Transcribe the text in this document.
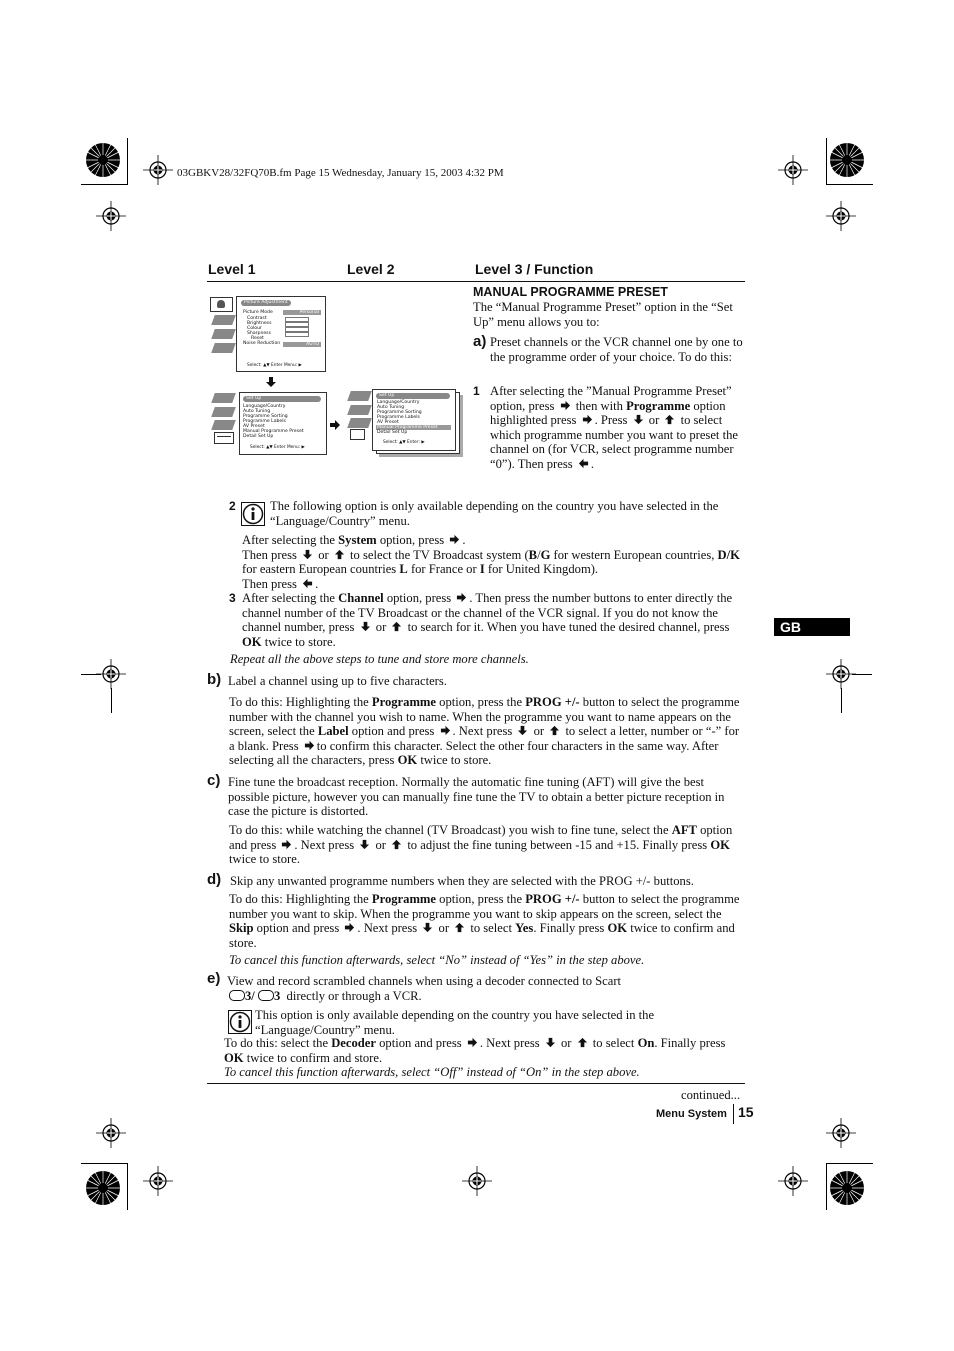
03GBKV28/32FQ70B.fm Page 15 Wednesday, January 15, 2003 4:32 PM
Level 1	Level 2	Level 3 / Function
Picture Adjustment
Picture Mode
Contrast
Brightness
Colour
Sharpness
Reset
Noise Reduction
Personal
AUTO
Select: ▲▼ Enter Menu: ▶
Set Up
Language/Country
Auto Tuning
Programme Sorting
Programme Labels
AV Preset
Manual Programme Preset
Detail Set Up
Select: ▲▼ Enter Menu: ▶
Set Up
Language/Country
Auto Tuning
Programme Sorting
Programme Labels
AV Preset
Manual Programme Preset
Detail Set Up
Select: ▲▼ Enter: ▶
MANUAL PROGRAMME PRESET
The “Manual Programme Preset” option in the “Set Up” menu allows you to:
a) Preset channels or the VCR channel one by one to the programme order of your choice. To do this:
1 After selecting the ”Manual Programme Preset” option, press then with Programme option highlighted press . Press or to select which programme number you want to preset the channel on (for VCR, select programme number “0”). Then press .
2	The following option is only available depending on the country you have selected in the “Language/Country” menu.
After selecting the System option, press .
Then press or to select the TV Broadcast system (B/G for western European countries, D/K for eastern European countries L for France or I for United Kingdom).
Then press .
3 After selecting the Channel option, press . Then press the number buttons to enter directly the channel number of the TV Broadcast or the channel of the VCR signal. If you do not know the channel number, press or to search for it. When you have tuned the desired channel, press OK twice to store.
Repeat all the above steps to tune and store more channels.
b) Label a channel using up to five characters.
To do this: Highlighting the Programme option, press the PROG +/- button to select the programme number with the channel you wish to name. When the programme you want to name appears on the screen, select the Label option and press . Next press or to select a letter, number or “-” for a blank. Press to confirm this character. Select the other four characters in the same way. After selecting all the characters, press OK twice to store.
c) Fine tune the broadcast reception. Normally the automatic fine tuning (AFT) will give the best possible picture, however you can manually fine tune the TV to obtain a better picture reception in case the picture is distorted.
To do this: while watching the channel (TV Broadcast) you wish to fine tune, select the AFT option and press . Next press or to adjust the fine tuning between -15 and +15. Finally press OK twice to store.
d) Skip any unwanted programme numbers when they are selected with the PROG +/- buttons.
To do this: Highlighting the Programme option, press the PROG +/- button to select the programme number you want to skip. When the programme you want to skip appears on the screen, select the Skip option and press . Next press or to select Yes. Finally press OK twice to confirm and store.
To cancel this function afterwards, select “No” instead of “Yes” in the step above.
e) View and record scrambled channels when using a decoder connected to Scart
3/ 3 directly or through a VCR.
This option is only available depending on the country you have selected in the “Language/Country” menu.
To do this: select the Decoder option and press . Next press or to select On. Finally press OK twice to confirm and store.
To cancel this function afterwards, select “Off” instead of “On” in the step above.
continued...
Menu System 15
GB
